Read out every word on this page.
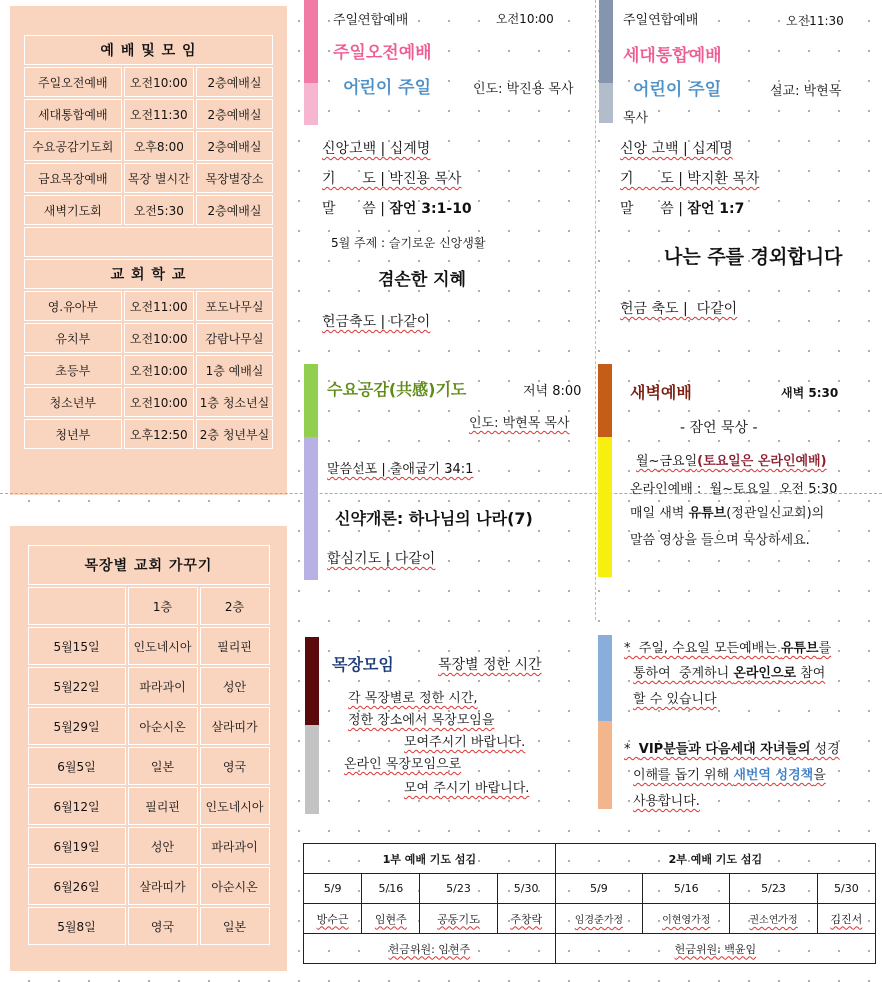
예 배 및 모 임		
주일오전예배	오전10:00	2층예배실
세대통합예배	오전11:30	2층예배실
수요공감기도회	오후8:00	2층예배실
금요목장예배	목장 별시간	목장별장소
새벽기도회	오전5:30	2층예배실

교 회 학 교		
영.유아부	오전11:00	포도나무실
유치부	오전10:00	감람나무실
초등부	오전10:00	1층 예배실
청소년부	오전10:00	1층 청소년실
청년부	오후12:50	2층 청년부실
목장별 교회 가꾸기		
	1층	2층
5월15일	인도네시아	필리핀
5월22일	파라과이	성안
5월29일	아순시온	살라띠가
6월5일	일본	영국
6월12일	필리핀	인도네시아
6월19일	성안	파라과이
6월26일	살라띠가	아순시온
5월8일	영국	일본
주일연합예배	오전10:00
주일오전예배
어린이 주일	인도: 박진용 목사
신앙고백 | 십계명
기      도 | 박진용 목사
말      씀 | 잠언 3:1-10
5월 주제 : 슬기로운 신앙생활
겸손한 지혜
헌금축도 | 다같이
주일연합예배	오전11:30
세대통합예배
어린이 주일	설교: 박현목
목사
신앙 고백 | 십계명
기      도 | 박지환 목자
말      씀 | 잠언 1:7
나는 주를 경외합니다
헌금 축도 |  다같이
수요공감(共感)기도	저녁 8:00
인도: 박현목 목사
말씀선포 | 출애굽기 34:1
신약개론: 하나님의 나라(7)
합심기도 | 다같이
새벽예배	새벽 5:30
- 잠언 묵상 -
월~금요일(토요일은 온라인예배)
온라인예배 :  월~토요일  오전 5:30
매일 새벽 유튜브(정관일신교회)의
말씀 영상을 들으며 묵상하세요.
목장모임	목장별 정한 시간
각 목장별로 정한 시간,
정한 장소에서 목장모임을
모여주시기 바랍니다.
온라인 목장모임으로
모여 주시기 바랍니다.
*  주일, 수요일 모든예배는 유튜브를
통하여  중계하니 온라인으로 참여
할 수 있습니다
*  VIP분들과 다음세대 자녀들의 성경
이해를 돕기 위해 새번역 성경책을
사용합니다.
1부 예배 기도 섬김				2부 예배 기도 섬김			
5/9	5/16	5/23	5/30	5/9	5/16	5/23	5/30
방수근	임현주	공동기도	주창락	임경준가정	이현영가정	권소연가정	김진서
헌금위원: 임현주				헌금위원: 백윤임			
